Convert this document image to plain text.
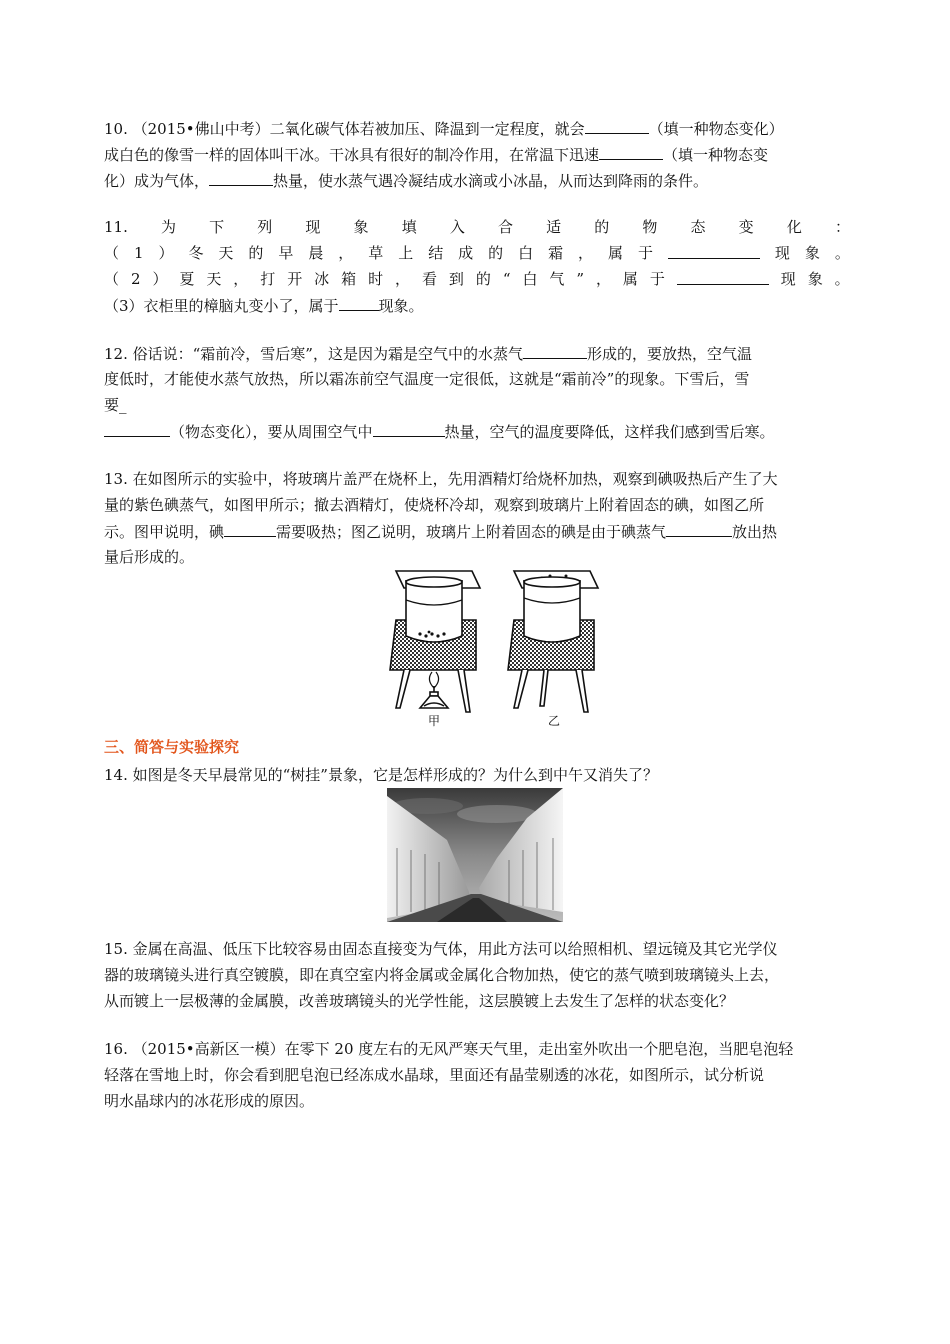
10. （2015•佛山中考）二氧化碳气体若被加压、降温到一定程度，就会	（填一种物态变化）
成白色的像雪一样的固体叫干冰。干冰具有很好的制冷作用，在常温下迅速	（填一种物态变
化）成为气体，	热量，使水蒸气遇冷凝结成水滴或小冰晶，从而达到降雨的条件。
11. 为 下 列 现 象 填 入 合 适 的 物 态 变 化 ：
（ 1 ） 冬 天 的 早 晨 ， 草 上 结 成 的 白 霜 ， 属 于	现 象 。
（ 2 ） 夏 天 ， 打 开 冰 箱 时 ， 看 到 的 “ 白 气 ” ， 属 于	现 象 。
（3）衣柜里的樟脑丸变小了，属于	现象。
12. 俗话说：“霜前冷，雪后寒”，这是因为霜是空气中的水蒸气	形成的，要放热，空气温
度低时，才能使水蒸气放热，所以霜冻前空气温度一定很低，这就是“霜前冷”的现象。下雪后，雪
要_
（物态变化），要从周围空气中	热量，空气的温度要降低，这样我们感到雪后寒。
13. 在如图所示的实验中，将玻璃片盖严在烧杯上，先用酒精灯给烧杯加热，观察到碘吸热后产生了大
量的紫色碘蒸气，如图甲所示；撤去酒精灯，使烧杯冷却，观察到玻璃片上附着固态的碘，如图乙所
示。图甲说明，碘	需要吸热；图乙说明，玻璃片上附着固态的碘是由于碘蒸气	放出热
量后形成的。
甲	乙
三、简答与实验探究
14. 如图是冬天早晨常见的“树挂”景象，它是怎样形成的？为什么到中午又消失了？
15. 金属在高温、低压下比较容易由固态直接变为气体，用此方法可以给照相机、望远镜及其它光学仪
器的玻璃镜头进行真空镀膜，即在真空室内将金属或金属化合物加热，使它的蒸气喷到玻璃镜头上去，
从而镀上一层极薄的金属膜，改善玻璃镜头的光学性能，这层膜镀上去发生了怎样的状态变化？
16. （2015•高新区一模）在零下 20 度左右的无风严寒天气里，走出室外吹出一个肥皂泡，当肥皂泡轻
轻落在雪地上时，你会看到肥皂泡已经冻成水晶球，里面还有晶莹剔透的冰花，如图所示，试分析说
明水晶球内的冰花形成的原因。
